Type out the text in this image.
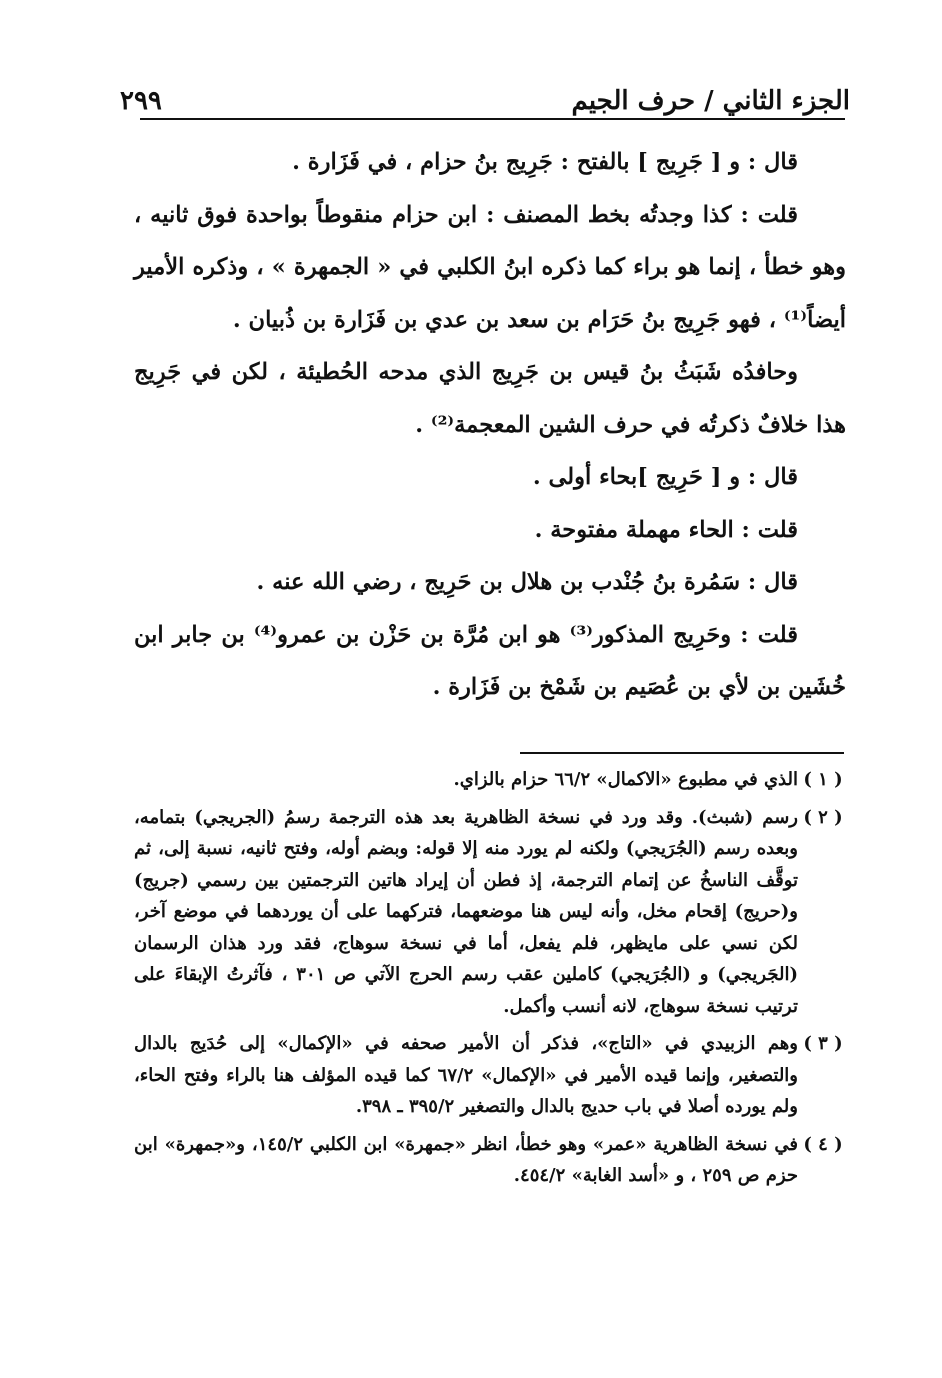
الجزء الثاني / حرف الجيم
٢٩٩

قال : و [ جَرِيج ] بالفتح : جَرِيج بنُ حزام ، في فَزَارة .

قلت : كذا وجدتُه بخط المصنف : ابن حزام منقوطاً بواحدة فوق ثانيه ، وهو خطأ ، إنما هو براء كما ذكره ابنُ الكلبي في « الجمهرة » ، وذكره الأمير أيضاً⁽¹⁾ ، فهو جَرِيج بنُ حَرَام بن سعد بن عدي بن فَزَارة بن ذُبيان .

وحافدُه شَبَثُ بنُ قيس بن جَرِيج الذي مدحه الحُطيئة ، لكن في جَرِيج هذا خلافٌ ذكرتُه في حرف الشين المعجمة⁽²⁾ .

قال : و [ حَرِيج ]بحاء أولى .

قلت : الحاء مهملة مفتوحة .

قال : سَمُرة بنُ جُنْدب بن هلال بن حَرِيج ، رضي الله عنه .

قلت : وحَرِيج المذكور⁽³⁾ هو ابن مُرَّة بن حَزْن بن عمرو⁽⁴⁾ بن جابر ابن خُشَين بن لأي بن عُصَيم بن شَمْخ بن فَزَارة .

( ١ )
الذي في مطبوع «الاكمال» ٦٦/٢ حزام بالزاي.
( ٢ )
رسم (شبث). وقد ورد في نسخة الظاهرية بعد هذه الترجمة رسمُ (الجريجي) بتمامه، وبعده رسم (الجُرَيجي) ولكنه لم يورد منه إلا قوله: وبضم أوله، وفتح ثانيه، نسبة إلى، ثم توقَّف الناسخُ عن إتمام الترجمة، إذ فطن أن إيراد هاتين الترجمتين بين رسمي (جريج) و(حريج) إقحام مخل، وأنه ليس هنا موضعهما، فتركهما على أن يوردهما في موضع آخر، لكن نسي على مايظهر، فلم يفعل، أما في نسخة سوهاج، فقد ورد هذان الرسمان (الجَريجي) و (الجُرَيجي) كاملين عقب رسم الحرج الآتي ص ٣٠١ ، فآثرتُ الإبقاءَ على ترتيب نسخة سوهاج، لانه أنسب وأكمل.
( ٣ )
وهم الزبيدي في «التاج»، فذكر أن الأمير صحفه في «الإكمال» إلى حُدَيج بالدال والتصغير، وإنما قيده الأمير في «الإكمال» ٦٧/٢ كما قيده المؤلف هنا بالراء وفتح الحاء، ولم يورده أصلا في باب حديج بالدال والتصغير ٣٩٥/٢ ـ ٣٩٨.
( ٤ )
في نسخة الظاهرية «عمر» وهو خطأ، انظر «جمهرة» ابن الكلبي ١٤٥/٢، و«جمهرة» ابن حزم ص ٢٥٩ ، و «أسد الغابة» ٤٥٤/٢.
